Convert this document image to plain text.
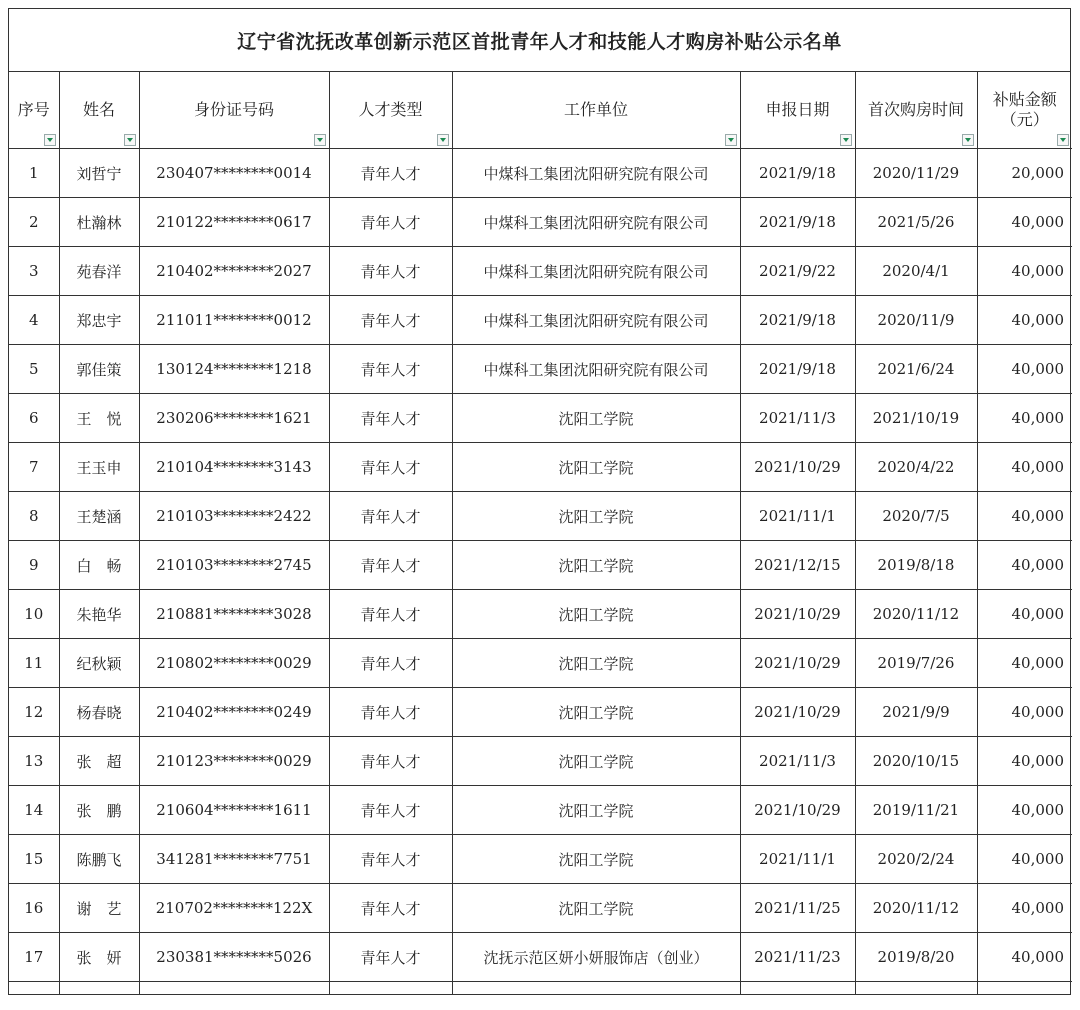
辽宁省沈抚改革创新示范区首批青年人才和技能人才购房补贴公示名单
序号	姓名	身份证号码	人才类型	工作单位	申报日期	首次购房时间	补贴金额（元）

1	刘哲宁	230407********0014	青年人才	中煤科工集团沈阳研究院有限公司	2021/9/18	2020/11/29	20,000
2	杜瀚林	210122********0617	青年人才	中煤科工集团沈阳研究院有限公司	2021/9/18	2021/5/26	40,000
3	苑春洋	210402********2027	青年人才	中煤科工集团沈阳研究院有限公司	2021/9/22	2020/4/1	40,000
4	郑忠宇	211011********0012	青年人才	中煤科工集团沈阳研究院有限公司	2021/9/18	2020/11/9	40,000
5	郭佳策	130124********1218	青年人才	中煤科工集团沈阳研究院有限公司	2021/9/18	2021/6/24	40,000
6	王　悦	230206********1621	青年人才	沈阳工学院	2021/11/3	2021/10/19	40,000
7	王玉申	210104********3143	青年人才	沈阳工学院	2021/10/29	2020/4/22	40,000
8	王楚涵	210103********2422	青年人才	沈阳工学院	2021/11/1	2020/7/5	40,000
9	白　畅	210103********2745	青年人才	沈阳工学院	2021/12/15	2019/8/18	40,000
10	朱艳华	210881********3028	青年人才	沈阳工学院	2021/10/29	2020/11/12	40,000
11	纪秋颖	210802********0029	青年人才	沈阳工学院	2021/10/29	2019/7/26	40,000
12	杨春晓	210402********0249	青年人才	沈阳工学院	2021/10/29	2021/9/9	40,000
13	张　超	210123********0029	青年人才	沈阳工学院	2021/11/3	2020/10/15	40,000
14	张　鹏	210604********1611	青年人才	沈阳工学院	2021/10/29	2019/11/21	40,000
15	陈鹏飞	341281********7751	青年人才	沈阳工学院	2021/11/1	2020/2/24	40,000
16	谢　艺	210702********122X	青年人才	沈阳工学院	2021/11/25	2020/11/12	40,000
17	张　妍	230381********5026	青年人才	沈抚示范区妍小妍服饰店（创业）	2021/11/23	2019/8/20	40,000
